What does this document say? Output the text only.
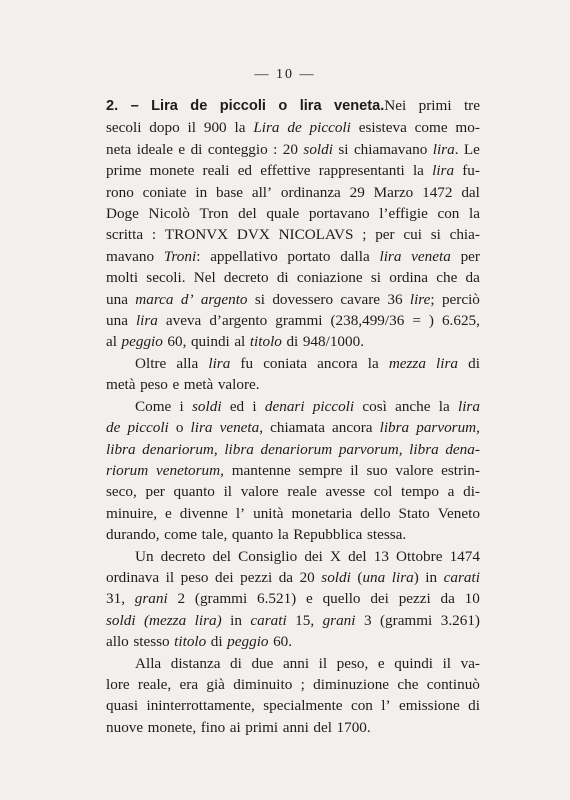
— 10 —
2. – Lira de piccoli o lira veneta.Nei primi tre
secoli dopo il 900 la Lira de piccoli esisteva come mo-
neta ideale e di conteggio : 20 soldi si chiamavano lira. Le
prime monete reali ed effettive rappresentanti la lira fu-
rono coniate in base all’ ordinanza 29 Marzo 1472 dal
Doge Nicolò Tron del quale portavano l’effigie con la
scritta : TRONVX DVX NICOLAVS ; per cui si chia-
mavano Troni: appellativo portato dalla lira veneta per
molti secoli. Nel decreto di coniazione si ordina che da
una marca d’ argento si dovessero cavare 36 lire; perciò
una lira aveva d’argento grammi (238,499/36 = ) 6.625,
al peggio 60, quindi al titolo di 948/1000.
Oltre alla lira fu coniata ancora la mezza lira di
metà peso e metà valore.
Come i soldi ed i denari piccoli così anche la lira
de piccoli o lira veneta, chiamata ancora libra parvorum,
libra denariorum, libra denariorum parvorum, libra dena-
riorum venetorum, mantenne sempre il suo valore estrin-
seco, per quanto il valore reale avesse col tempo a di-
minuire, e divenne l’ unità monetaria dello Stato Veneto
durando, come tale, quanto la Repubblica stessa.
Un decreto del Consiglio dei X del 13 Ottobre 1474
ordinava il peso dei pezzi da 20 soldi (una lira) in carati
31, grani 2 (grammi 6.521) e quello dei pezzi da 10
soldi (mezza lira) in carati 15, grani 3 (grammi 3.261)
allo stesso titolo di peggio 60.
Alla distanza di due anni il peso, e quindi il va-
lore reale, era già diminuito ; diminuzione che continuò
quasi ininterrottamente, specialmente con l’ emissione di
nuove monete, fino ai primi anni del 1700.
